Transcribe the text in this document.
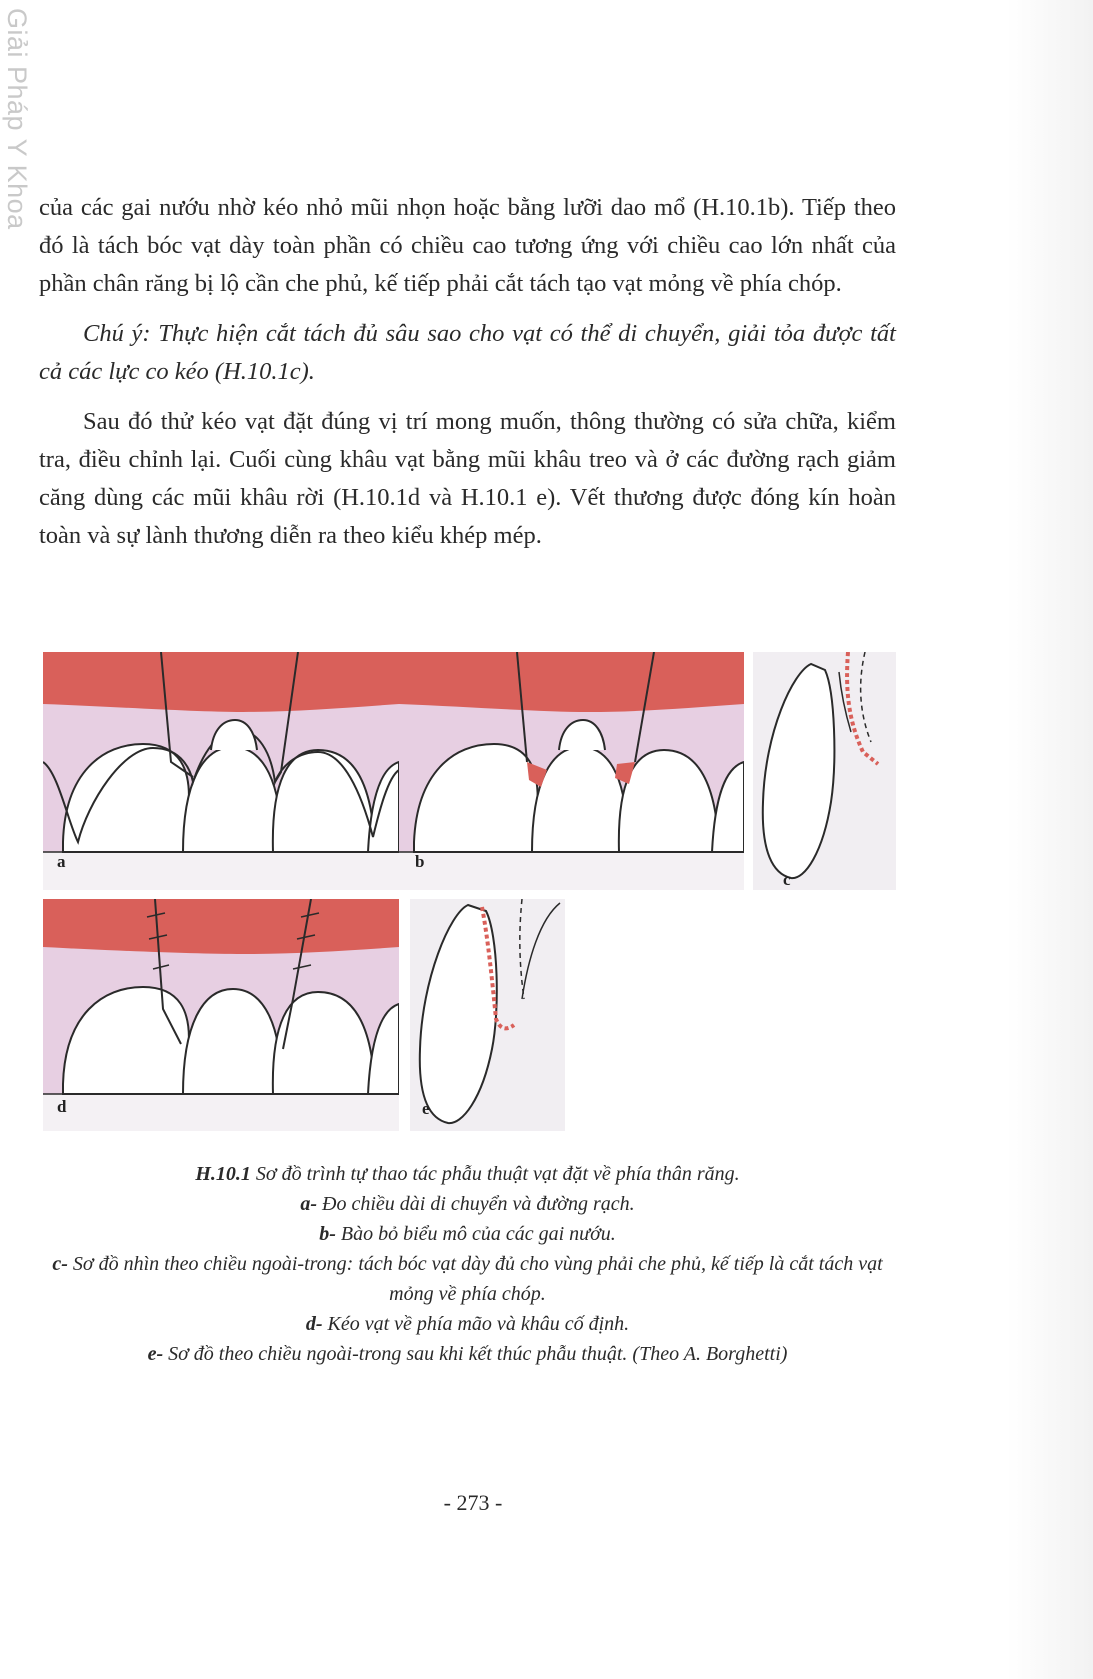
Giải Pháp Y Khoa của các gai nướu nhờ kéo nhỏ mũi nhọn hoặc bằng lưỡi dao mổ (H.10.1b). Tiếp theo đó là tách bóc vạt dày toàn phần có chiều cao tương ứng với chiều cao lớn nhất của phần chân răng bị lộ cần che phủ, kế tiếp phải cắt tách tạo vạt mỏng về phía chóp.

Chú ý: Thực hiện cắt tách đủ sâu sao cho vạt có thể di chuyển, giải tỏa được tất cả các lực co kéo (H.10.1c).

Sau đó thử kéo vạt đặt đúng vị trí mong muốn, thông thường có sửa chữa, kiểm tra, điều chỉnh lại. Cuối cùng khâu vạt bằng mũi khâu treo và ở các đường rạch giảm căng dùng các mũi khâu rời (H.10.1d và H.10.1 e). Vết thương được đóng kín hoàn toàn và sự lành thương diễn ra theo kiểu khép mép.

a	b
c
d	e
H.10.1 Sơ đồ trình tự thao tác phẫu thuật vạt đặt về phía thân răng.
a- Đo chiều dài di chuyển và đường rạch.
b- Bào bỏ biểu mô của các gai nướu.
c- Sơ đồ nhìn theo chiều ngoài-trong: tách bóc vạt dày đủ cho vùng phải che phủ, kế tiếp là cắt tách vạt mỏng về phía chóp.
d- Kéo vạt về phía mão và khâu cố định.
e- Sơ đồ theo chiều ngoài-trong sau khi kết thúc phẫu thuật. (Theo A. Borghetti)
- 273 -
